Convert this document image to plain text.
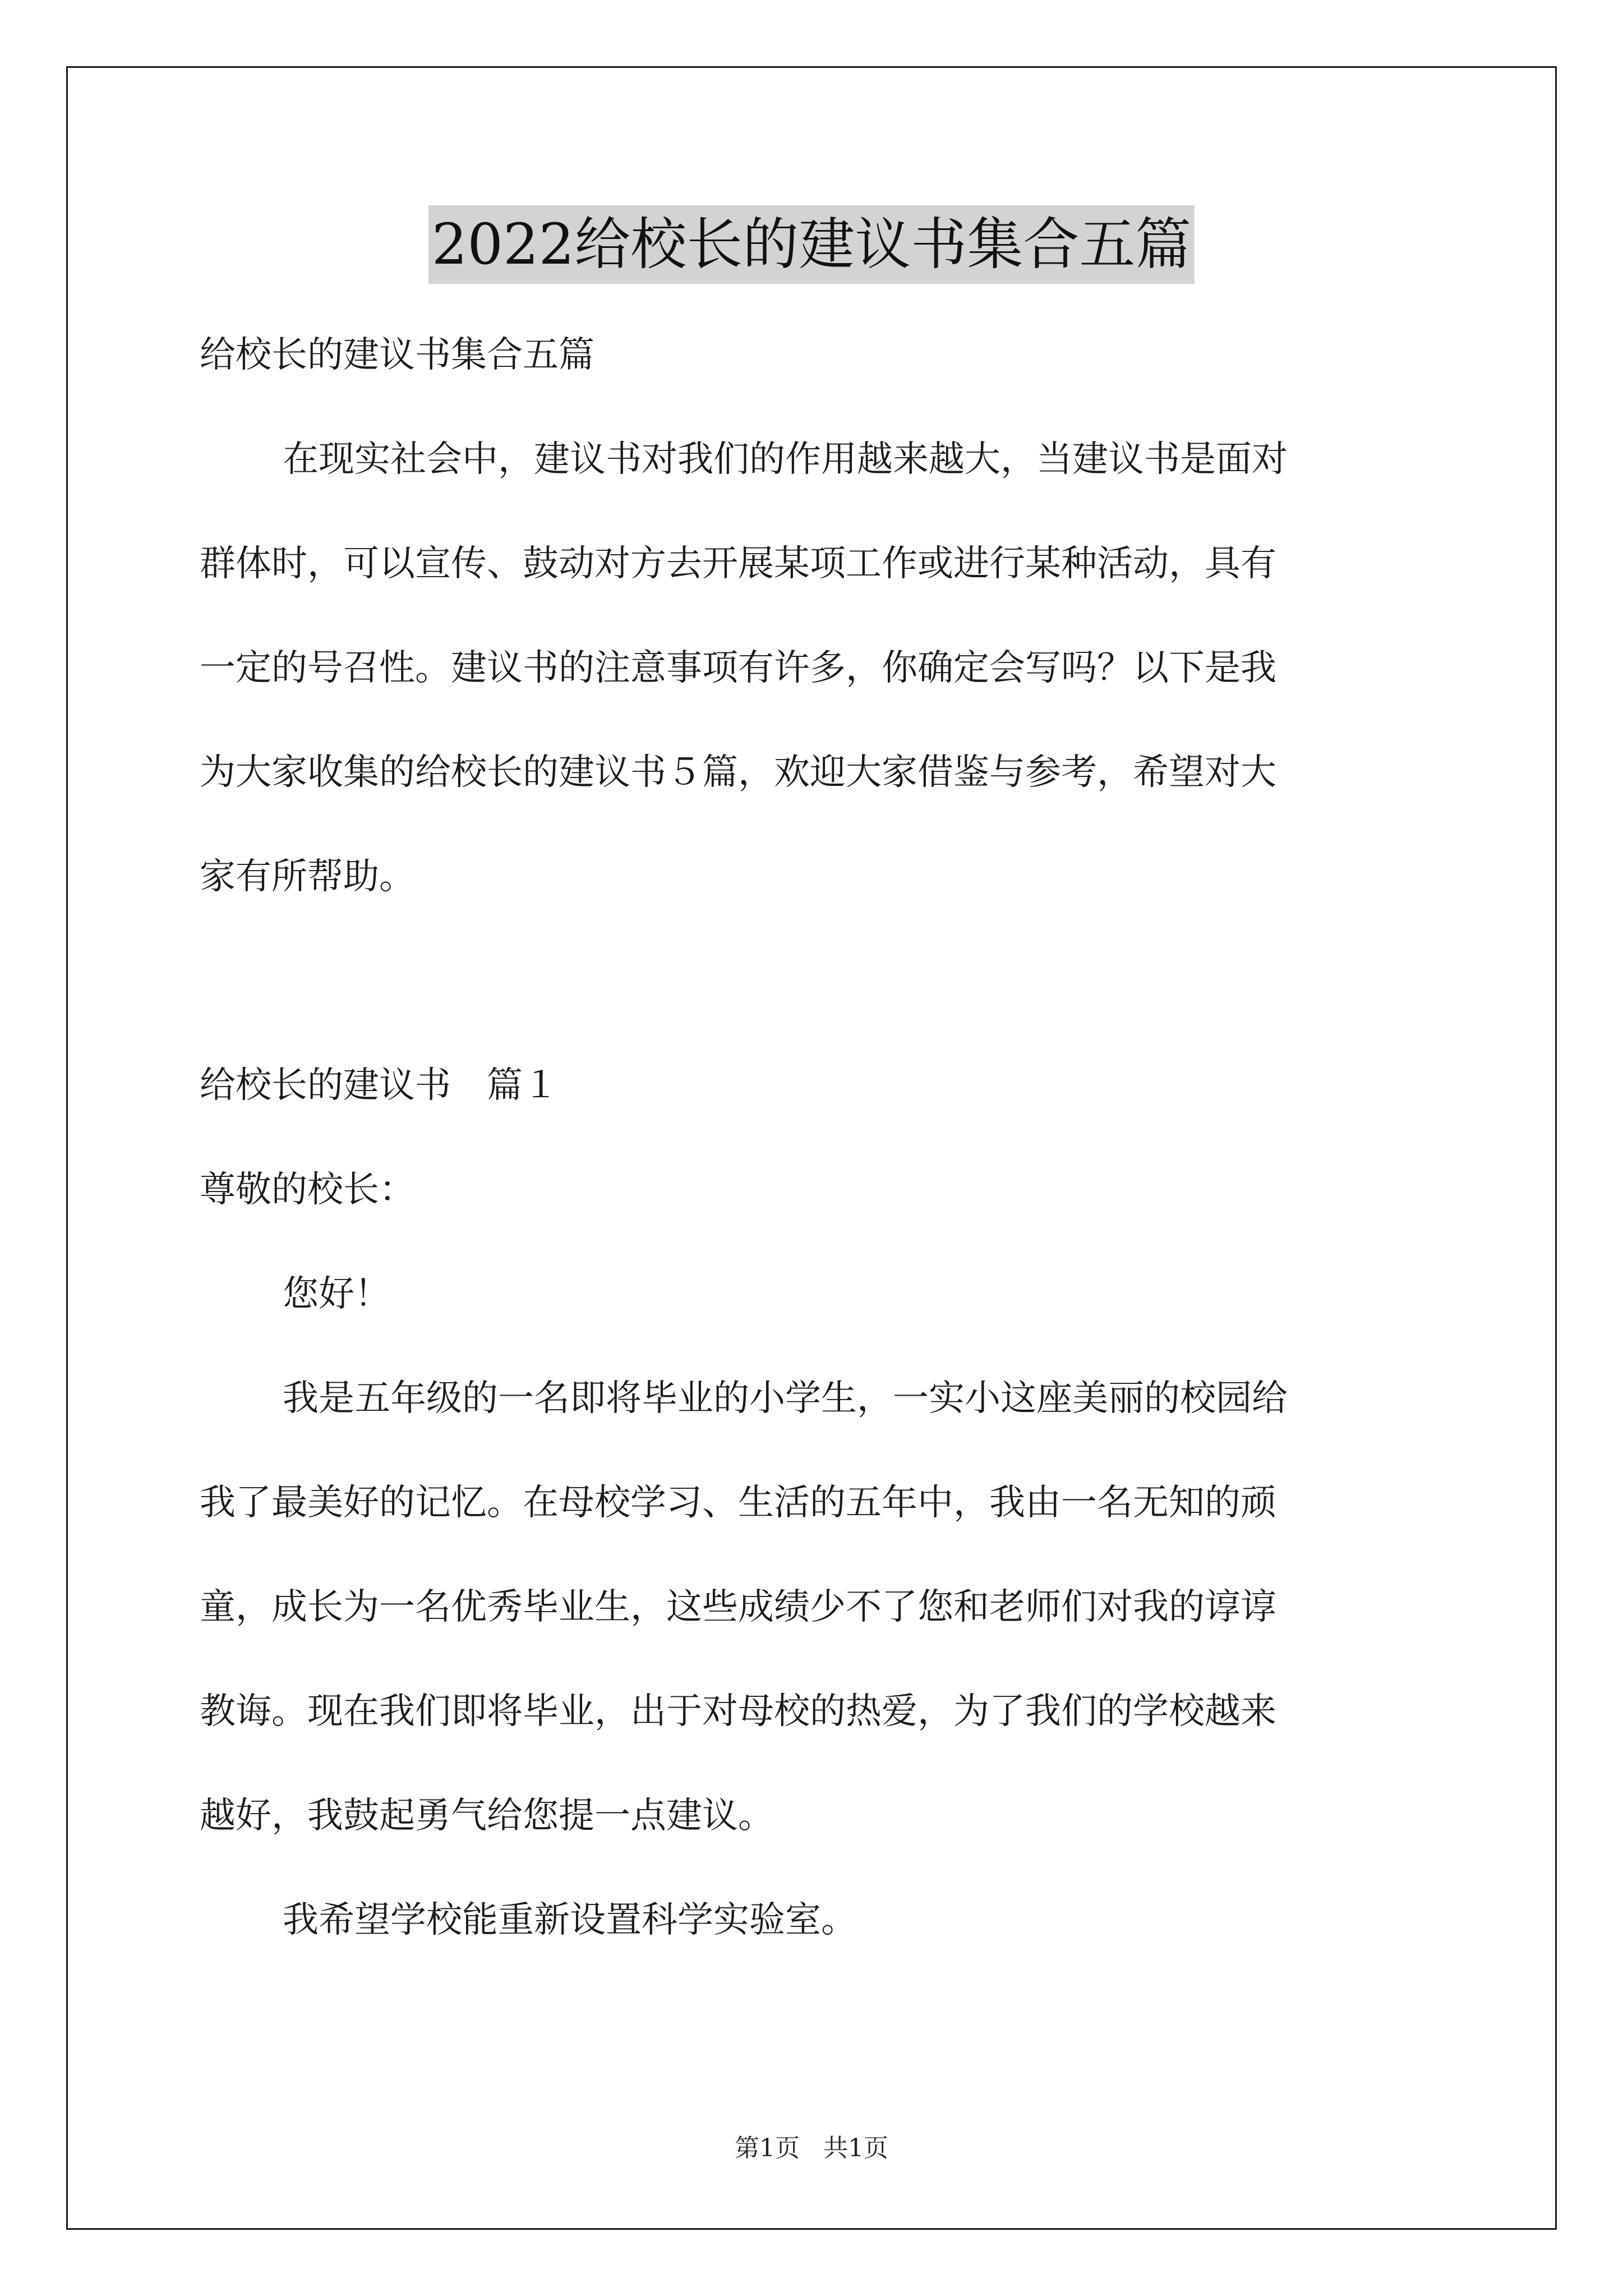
2022给校长的建议书集合五篇
给校长的建议书集合五篇
在现实社会中，建议书对我们的作用越来越大，当建议书是面对
群体时，可以宣传、鼓动对方去开展某项工作或进行某种活动，具有
一定的号召性。建议书的注意事项有许多，你确定会写吗？以下是我
为大家收集的给校长的建议书５篇，欢迎大家借鉴与参考，希望对大
家有所帮助。
给校长的建议书　篇１
尊敬的校长：
您好！
我是五年级的一名即将毕业的小学生，一实小这座美丽的校园给
我了最美好的记忆。在母校学习、生活的五年中，我由一名无知的顽
童，成长为一名优秀毕业生，这些成绩少不了您和老师们对我的谆谆
教诲。现在我们即将毕业，出于对母校的热爱，为了我们的学校越来
越好，我鼓起勇气给您提一点建议。
我希望学校能重新设置科学实验室。
第1页 共1页
